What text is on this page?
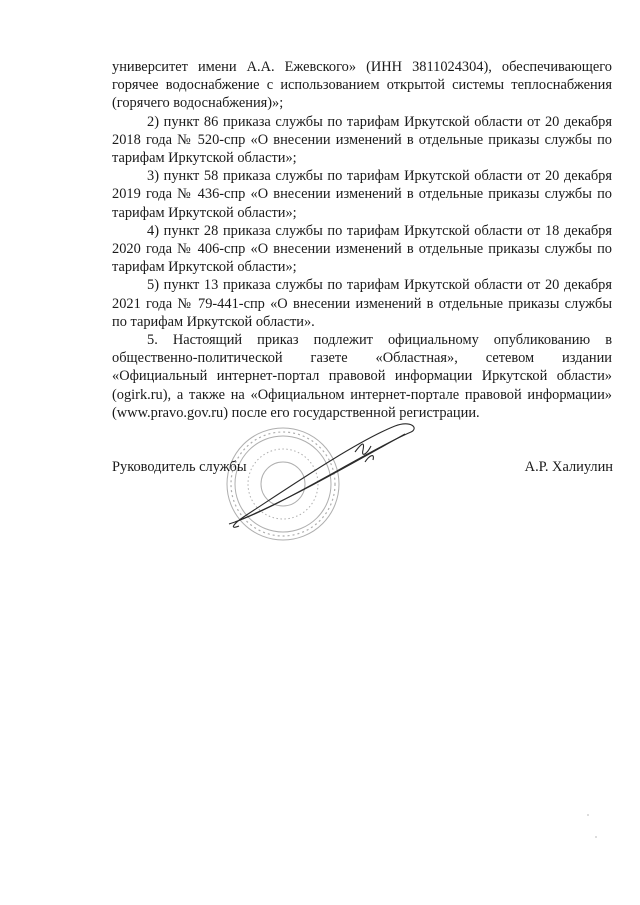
университет имени А.А. Ежевского» (ИНН 3811024304), обеспечивающего горячее водоснабжение с использованием открытой системы теплоснабжения (горячего водоснабжения)»;

2) пункт 86 приказа службы по тарифам Иркутской области от 20 декабря 2018 года № 520-спр «О внесении изменений в отдельные приказы службы по тарифам Иркутской области»;

3) пункт 58 приказа службы по тарифам Иркутской области от 20 декабря 2019 года № 436-спр «О внесении изменений в отдельные приказы службы по тарифам Иркутской области»;

4) пункт 28 приказа службы по тарифам Иркутской области от 18 декабря 2020 года № 406-спр «О внесении изменений в отдельные приказы службы по тарифам Иркутской области»;

5) пункт 13 приказа службы по тарифам Иркутской области от 20 декабря 2021 года № 79-441-спр «О внесении изменений в отдельные приказы службы по тарифам Иркутской области».

5. Настоящий приказ подлежит официальному опубликованию в общественно-политической газете «Областная», сетевом издании «Официальный интернет-портал правовой информации Иркутской области» (ogirk.ru), а также на «Официальном интернет-портале правовой информации» (www.pravo.gov.ru) после его государственной регистрации.

Руководитель службы	А.Р. Халиулин
